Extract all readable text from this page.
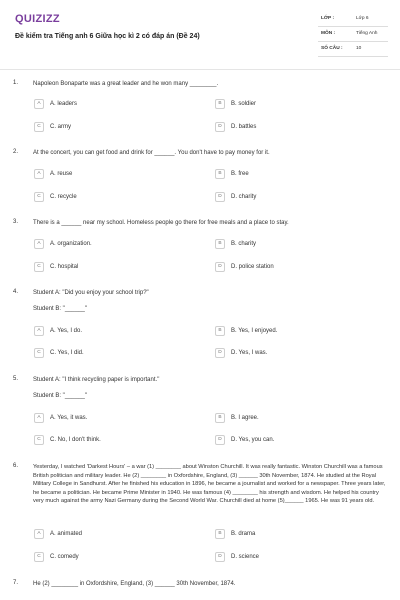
QUIZIZZ
Đề kiểm tra Tiếng anh 6 Giữa học kì 2 có đáp án (Đề 24)
LỚP :	Lớp 6
MÔN :	Tiếng Anh
SỐ CÂU :	10
1. Napoleon Bonaparte was a great leader and he won many ________.
A	A. leaders	B	B. soldier
C	C. army	D	D. battles
2. At the concert, you can get food and drink for ______. You don't have to pay money for it.
A	A. reuse	B	B. free
C	C. recycle	D	D. charity
3. There is a ______ near my school. Homeless people go there for free meals and a place to stay.
A	A. organization.	B	B. charity
C	C. hospital	D	D. police station
4. Student A: "Did you enjoy your school trip?"
Student B: "______"
A	A. Yes, I do.	B	B. Yes, I enjoyed.
C	C. Yes, I did.	D	D. Yes, I was.
5. Student A: "I think recycling paper is important."
Student B: "______"
A	A. Yes, it was.	B	B. I agree.
C	C. No, I don't think.	D	D. Yes, you can.
6.	Yesterday, I watched 'Darkest Hours' – a war (1) ________ about Winston Churchill. It was really fantastic. Winston Churchill was a famous British politician and military leader. He (2) ________ in Oxfordshire, England, (3) ______ 30th November, 1874. He studied at the Royal Military College in Sandhurst. After he finished his education in 1896, he became a journalist and worked for a newspaper. Three years later, he became a politician. He became Prime Minister in 1940. He was famous (4) ________ his strength and wisdom. He helped his country very much against the army Nazi Germany during the Second World War. Churchill died at home (5)______ 1965. He was 91 years old.
A	A. animated	B	B. drama
C	C. comedy	D	D. science
7. He (2) ________ in Oxfordshire, England, (3) ______ 30th November, 1874.
